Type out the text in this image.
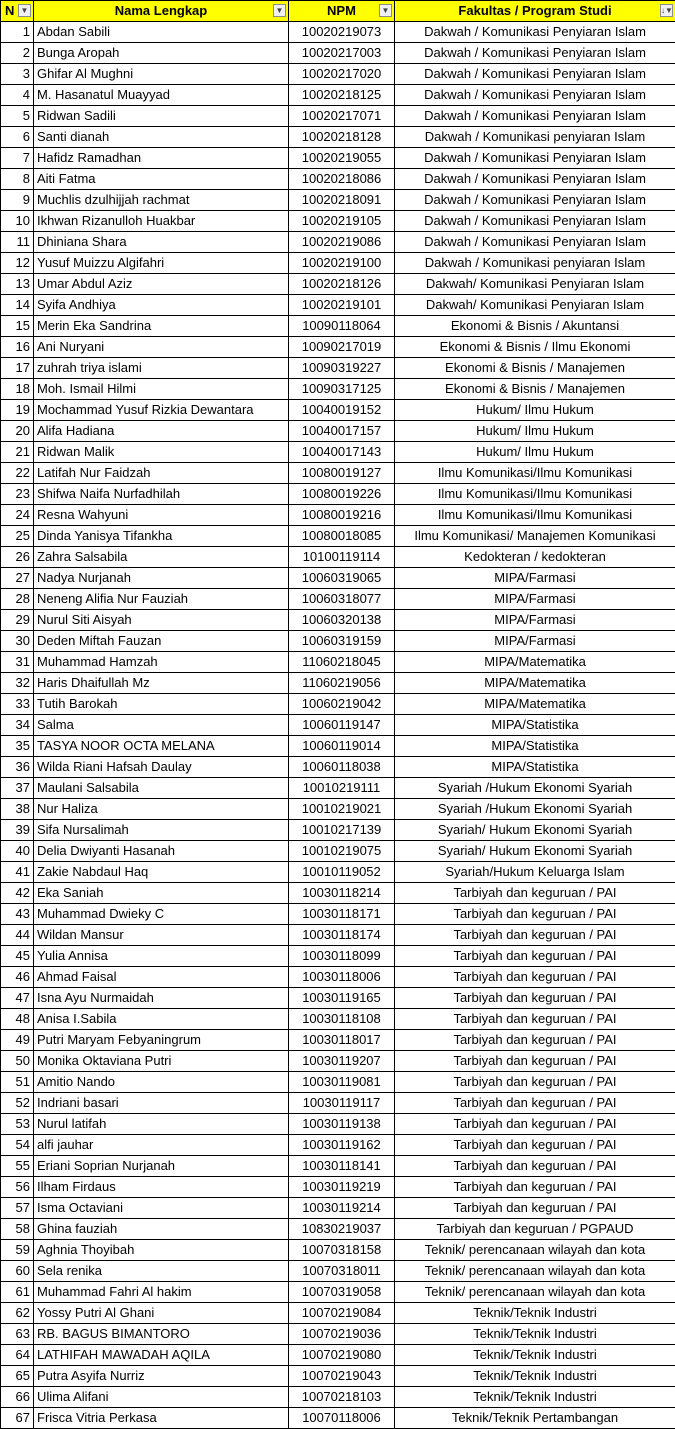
N ▼	Nama Lengkap ▼	NPM ▼	Fakultas / Program Studi ↓▼

1	Abdan Sabili	10020219073	Dakwah / Komunikasi Penyiaran Islam
2	Bunga Aropah	10020217003	Dakwah / Komunikasi Penyiaran Islam
3	Ghifar Al Mughni	10020217020	Dakwah / Komunikasi Penyiaran Islam
4	M. Hasanatul Muayyad	10020218125	Dakwah / Komunikasi Penyiaran Islam
5	Ridwan Sadili	10020217071	Dakwah / Komunikasi Penyiaran Islam
6	Santi dianah	10020218128	Dakwah / Komunikasi penyiaran Islam
7	Hafidz Ramadhan	10020219055	Dakwah / Komunikasi Penyiaran Islam
8	Aiti Fatma	10020218086	Dakwah / Komunikasi Penyiaran Islam
9	Muchlis dzulhijjah rachmat	10020218091	Dakwah / Komunikasi Penyiaran Islam
10	Ikhwan Rizanulloh Huakbar	10020219105	Dakwah / Komunikasi Penyiaran Islam
11	Dhiniana Shara	10020219086	Dakwah / Komunikasi Penyiaran Islam
12	Yusuf Muizzu Algifahri	10020219100	Dakwah / Komunikasi penyiaran Islam
13	Umar Abdul Aziz	10020218126	Dakwah/ Komunikasi Penyiaran Islam
14	Syifa Andhiya	10020219101	Dakwah/ Komunikasi Penyiaran Islam
15	Merin Eka Sandrina	10090118064	Ekonomi & Bisnis / Akuntansi
16	Ani Nuryani	10090217019	Ekonomi & Bisnis / Ilmu Ekonomi
17	zuhrah triya islami	10090319227	Ekonomi & Bisnis / Manajemen
18	Moh. Ismail Hilmi	10090317125	Ekonomi & Bisnis / Manajemen
19	Mochammad Yusuf Rizkia Dewantara	10040019152	Hukum/ Ilmu Hukum
20	Alifa Hadiana	10040017157	Hukum/ Ilmu Hukum
21	Ridwan Malik	10040017143	Hukum/ Ilmu Hukum
22	Latifah Nur Faidzah	10080019127	Ilmu Komunikasi/Ilmu Komunikasi
23	Shifwa Naifa Nurfadhilah	10080019226	Ilmu Komunikasi/Ilmu Komunikasi
24	Resna Wahyuni	10080019216	Ilmu Komunikasi/Ilmu Komunikasi
25	Dinda Yanisya Tifankha	10080018085	Ilmu Komunikasi/ Manajemen Komunikasi
26	Zahra Salsabila	10100119114	Kedokteran / kedokteran
27	Nadya Nurjanah	10060319065	MIPA/Farmasi
28	Neneng Alifia Nur Fauziah	10060318077	MIPA/Farmasi
29	Nurul Siti Aisyah	10060320138	MIPA/Farmasi
30	Deden Miftah Fauzan	10060319159	MIPA/Farmasi
31	Muhammad Hamzah	11060218045	MIPA/Matematika
32	Haris Dhaifullah Mz	11060219056	MIPA/Matematika
33	Tutih Barokah	10060219042	MIPA/Matematika
34	Salma	10060119147	MIPA/Statistika
35	TASYA NOOR OCTA MELANA	10060119014	MIPA/Statistika
36	Wilda Riani Hafsah Daulay	10060118038	MIPA/Statistika
37	Maulani Salsabila	10010219111	Syariah /Hukum Ekonomi Syariah
38	Nur Haliza	10010219021	Syariah /Hukum Ekonomi Syariah
39	Sifa Nursalimah	10010217139	Syariah/ Hukum Ekonomi Syariah
40	Delia Dwiyanti Hasanah	10010219075	Syariah/ Hukum Ekonomi Syariah
41	Zakie Nabdaul Haq	10010119052	Syariah/Hukum Keluarga Islam
42	Eka Saniah	10030118214	Tarbiyah dan keguruan / PAI
43	Muhammad Dwieky C	10030118171	Tarbiyah dan keguruan / PAI
44	Wildan Mansur	10030118174	Tarbiyah dan keguruan / PAI
45	Yulia Annisa	10030118099	Tarbiyah dan keguruan / PAI
46	Ahmad Faisal	10030118006	Tarbiyah dan keguruan / PAI
47	Isna Ayu Nurmaidah	10030119165	Tarbiyah dan keguruan / PAI
48	Anisa I.Sabila	10030118108	Tarbiyah dan keguruan / PAI
49	Putri Maryam Febyaningrum	10030118017	Tarbiyah dan keguruan / PAI
50	Monika Oktaviana Putri	10030119207	Tarbiyah dan keguruan / PAI
51	Amitio Nando	10030119081	Tarbiyah dan keguruan / PAI
52	Indriani basari	10030119117	Tarbiyah dan keguruan / PAI
53	Nurul latifah	10030119138	Tarbiyah dan keguruan / PAI
54	alfi jauhar	10030119162	Tarbiyah dan keguruan / PAI
55	Eriani Soprian Nurjanah	10030118141	Tarbiyah dan keguruan / PAI
56	Ilham Firdaus	10030119219	Tarbiyah dan keguruan / PAI
57	Isma Octaviani	10030119214	Tarbiyah dan keguruan / PAI
58	Ghina fauziah	10830219037	Tarbiyah dan keguruan / PGPAUD
59	Aghnia Thoyibah	10070318158	Teknik/ perencanaan wilayah dan kota
60	Sela renika	10070318011	Teknik/ perencanaan wilayah dan kota
61	Muhammad Fahri Al hakim	10070319058	Teknik/ perencanaan wilayah dan kota
62	Yossy Putri Al Ghani	10070219084	Teknik/Teknik Industri
63	RB. BAGUS BIMANTORO	10070219036	Teknik/Teknik Industri
64	LATHIFAH MAWADAH AQILA	10070219080	Teknik/Teknik Industri
65	Putra Asyifa Nurriz	10070219043	Teknik/Teknik Industri
66	Ulima Alifani	10070218103	Teknik/Teknik Industri
67	Frisca Vitria Perkasa	10070118006	Teknik/Teknik Pertambangan
